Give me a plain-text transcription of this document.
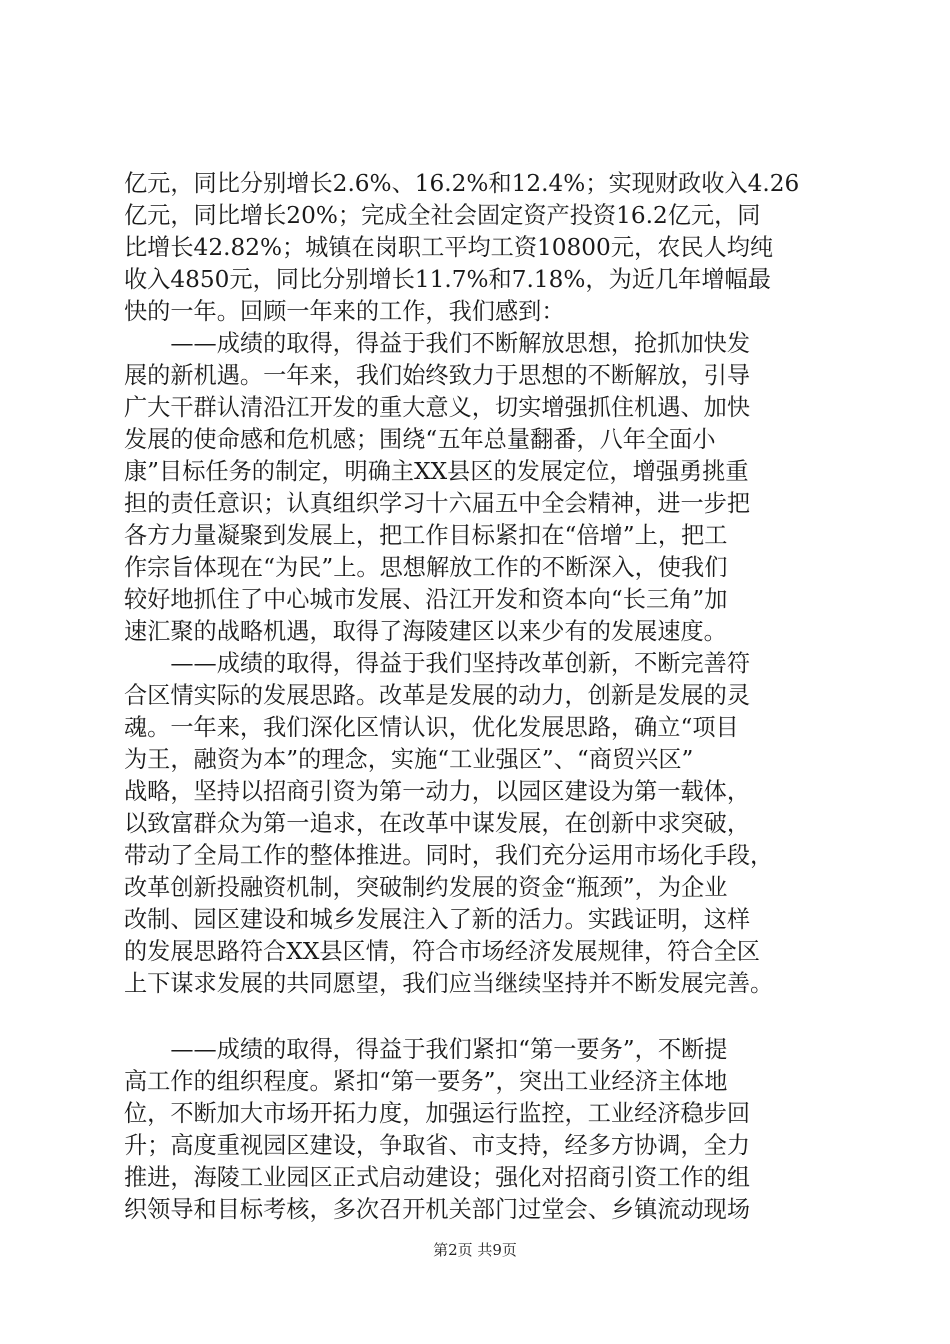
亿元，同比分别增长2.6%、16.2%和12.4%；实现财政收入4.26
亿元，同比增长20%；完成全社会固定资产投资16.2亿元，同
比增长42.82%；城镇在岗职工平均工资10800元，农民人均纯
收入4850元，同比分别增长11.7%和7.18%，为近几年增幅最
快的一年。回顾一年来的工作，我们感到：
　　——成绩的取得，得益于我们不断解放思想，抢抓加快发
展的新机遇。一年来，我们始终致力于思想的不断解放，引导
广大干群认清沿江开发的重大意义，切实增强抓住机遇、加快
发展的使命感和危机感；围绕“五年总量翻番，八年全面小
康”目标任务的制定，明确主XX县区的发展定位，增强勇挑重
担的责任意识；认真组织学习十六届五中全会精神，进一步把
各方力量凝聚到发展上，把工作目标紧扣在“倍增”上，把工
作宗旨体现在“为民”上。思想解放工作的不断深入，使我们
较好地抓住了中心城市发展、沿江开发和资本向“长三角”加
速汇聚的战略机遇，取得了海陵建区以来少有的发展速度。
　　——成绩的取得，得益于我们坚持改革创新，不断完善符
合区情实际的发展思路。改革是发展的动力，创新是发展的灵
魂。一年来，我们深化区情认识，优化发展思路，确立“项目
为王，融资为本”的理念，实施“工业强区”、“商贸兴区”
战略，坚持以招商引资为第一动力，以园区建设为第一载体，
以致富群众为第一追求，在改革中谋发展，在创新中求突破，
带动了全局工作的整体推进。同时，我们充分运用市场化手段，
改革创新投融资机制，突破制约发展的资金“瓶颈”，为企业
改制、园区建设和城乡发展注入了新的活力。实践证明，这样
的发展思路符合XX县区情，符合市场经济发展规律，符合全区
上下谋求发展的共同愿望，我们应当继续坚持并不断发展完善。
　　——成绩的取得，得益于我们紧扣“第一要务”，不断提
高工作的组织程度。紧扣“第一要务”，突出工业经济主体地
位，不断加大市场开拓力度，加强运行监控，工业经济稳步回
升；高度重视园区建设，争取省、市支持，经多方协调，全力
推进，海陵工业园区正式启动建设；强化对招商引资工作的组
织领导和目标考核，多次召开机关部门过堂会、乡镇流动现场
第2页 共9页
